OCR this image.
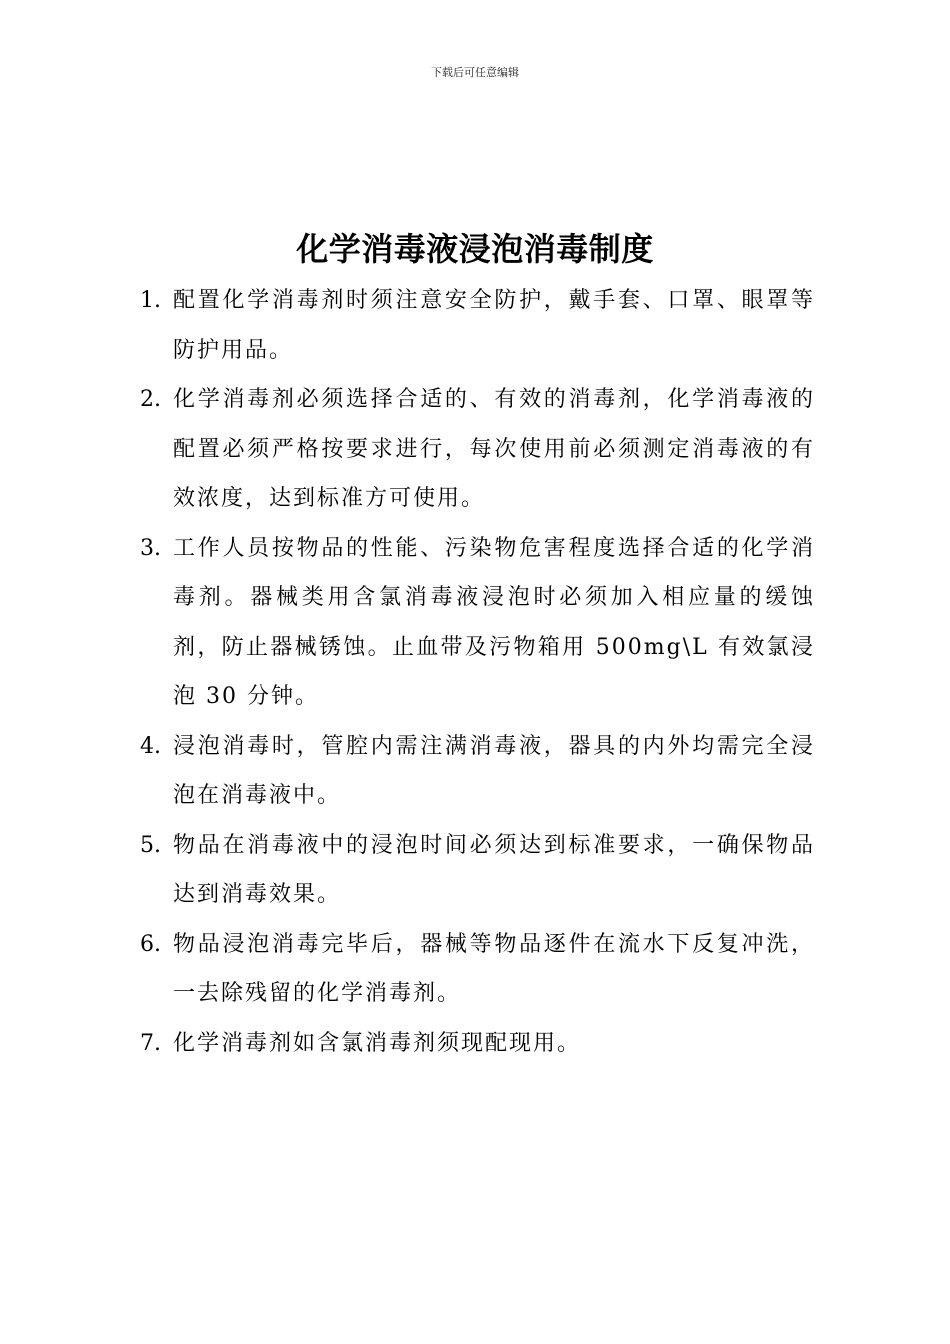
下载后可任意编辑
化学消毒液浸泡消毒制度
1. 配置化学消毒剂时须注意安全防护，戴手套、口罩、眼罩等防护用品。
2. 化学消毒剂必须选择合适的、有效的消毒剂，化学消毒液的配置必须严格按要求进行，每次使用前必须测定消毒液的有效浓度，达到标准方可使用。
3. 工作人员按物品的性能、污染物危害程度选择合适的化学消毒剂。器械类用含氯消毒液浸泡时必须加入相应量的缓蚀剂，防止器械锈蚀。止血带及污物箱用 500mg\L 有效氯浸泡 30 分钟。
4. 浸泡消毒时，管腔内需注满消毒液，器具的内外均需完全浸泡在消毒液中。
5. 物品在消毒液中的浸泡时间必须达到标准要求，一确保物品达到消毒效果。
6. 物品浸泡消毒完毕后，器械等物品逐件在流水下反复冲洗，一去除残留的化学消毒剂。
7. 化学消毒剂如含氯消毒剂须现配现用。
